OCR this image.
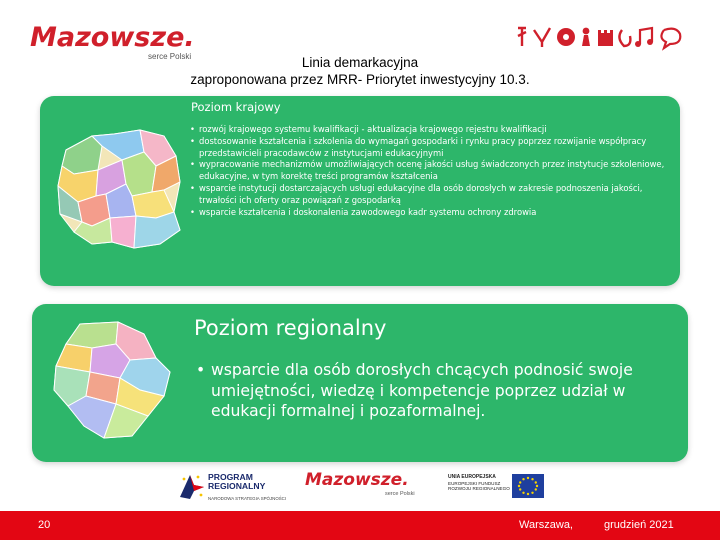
Mazowsze.
serce Polski	Linia demarkacyjna
zaproponowana przez MRR- Priorytet inwestycyjny 10.3.
Poziom krajowy
• rozwój krajowego systemu kwalifikacji - aktualizacja krajowego rejestru kwalifikacji
• dostosowanie kształcenia i szkolenia do wymagań gospodarki i rynku pracy poprzez rozwijanie współpracy przedstawicieli pracodawców z instytucjami edukacyjnymi
• wypracowanie mechanizmów umożliwiających ocenę jakości usług świadczonych przez instytucje szkoleniowe, edukacyjne, w tym korektę treści programów kształcenia
• wsparcie instytucji dostarczających usługi edukacyjne dla osób dorosłych w zakresie podnoszenia jakości, trwałości ich oferty oraz powiązań z gospodarką
• wsparcie kształcenia i doskonalenia zawodowego kadr systemu ochrony zdrowia
Poziom regionalny
• wsparcie dla osób dorosłych chcących podnosić swoje umiejętności, wiedzę i kompetencje poprzez udział w edukacji formalnej i pozaformalnej.
PROGRAM
REGIONALNY
NARODOWA STRATEGIA SPÓJNOŚCI
Mazowsze.
serce Polski
UNIA EUROPEJSKA
EUROPEJSKI FUNDUSZ
ROZWOJU REGIONALNEGO
20	Warszawa,	grudzień 2021
